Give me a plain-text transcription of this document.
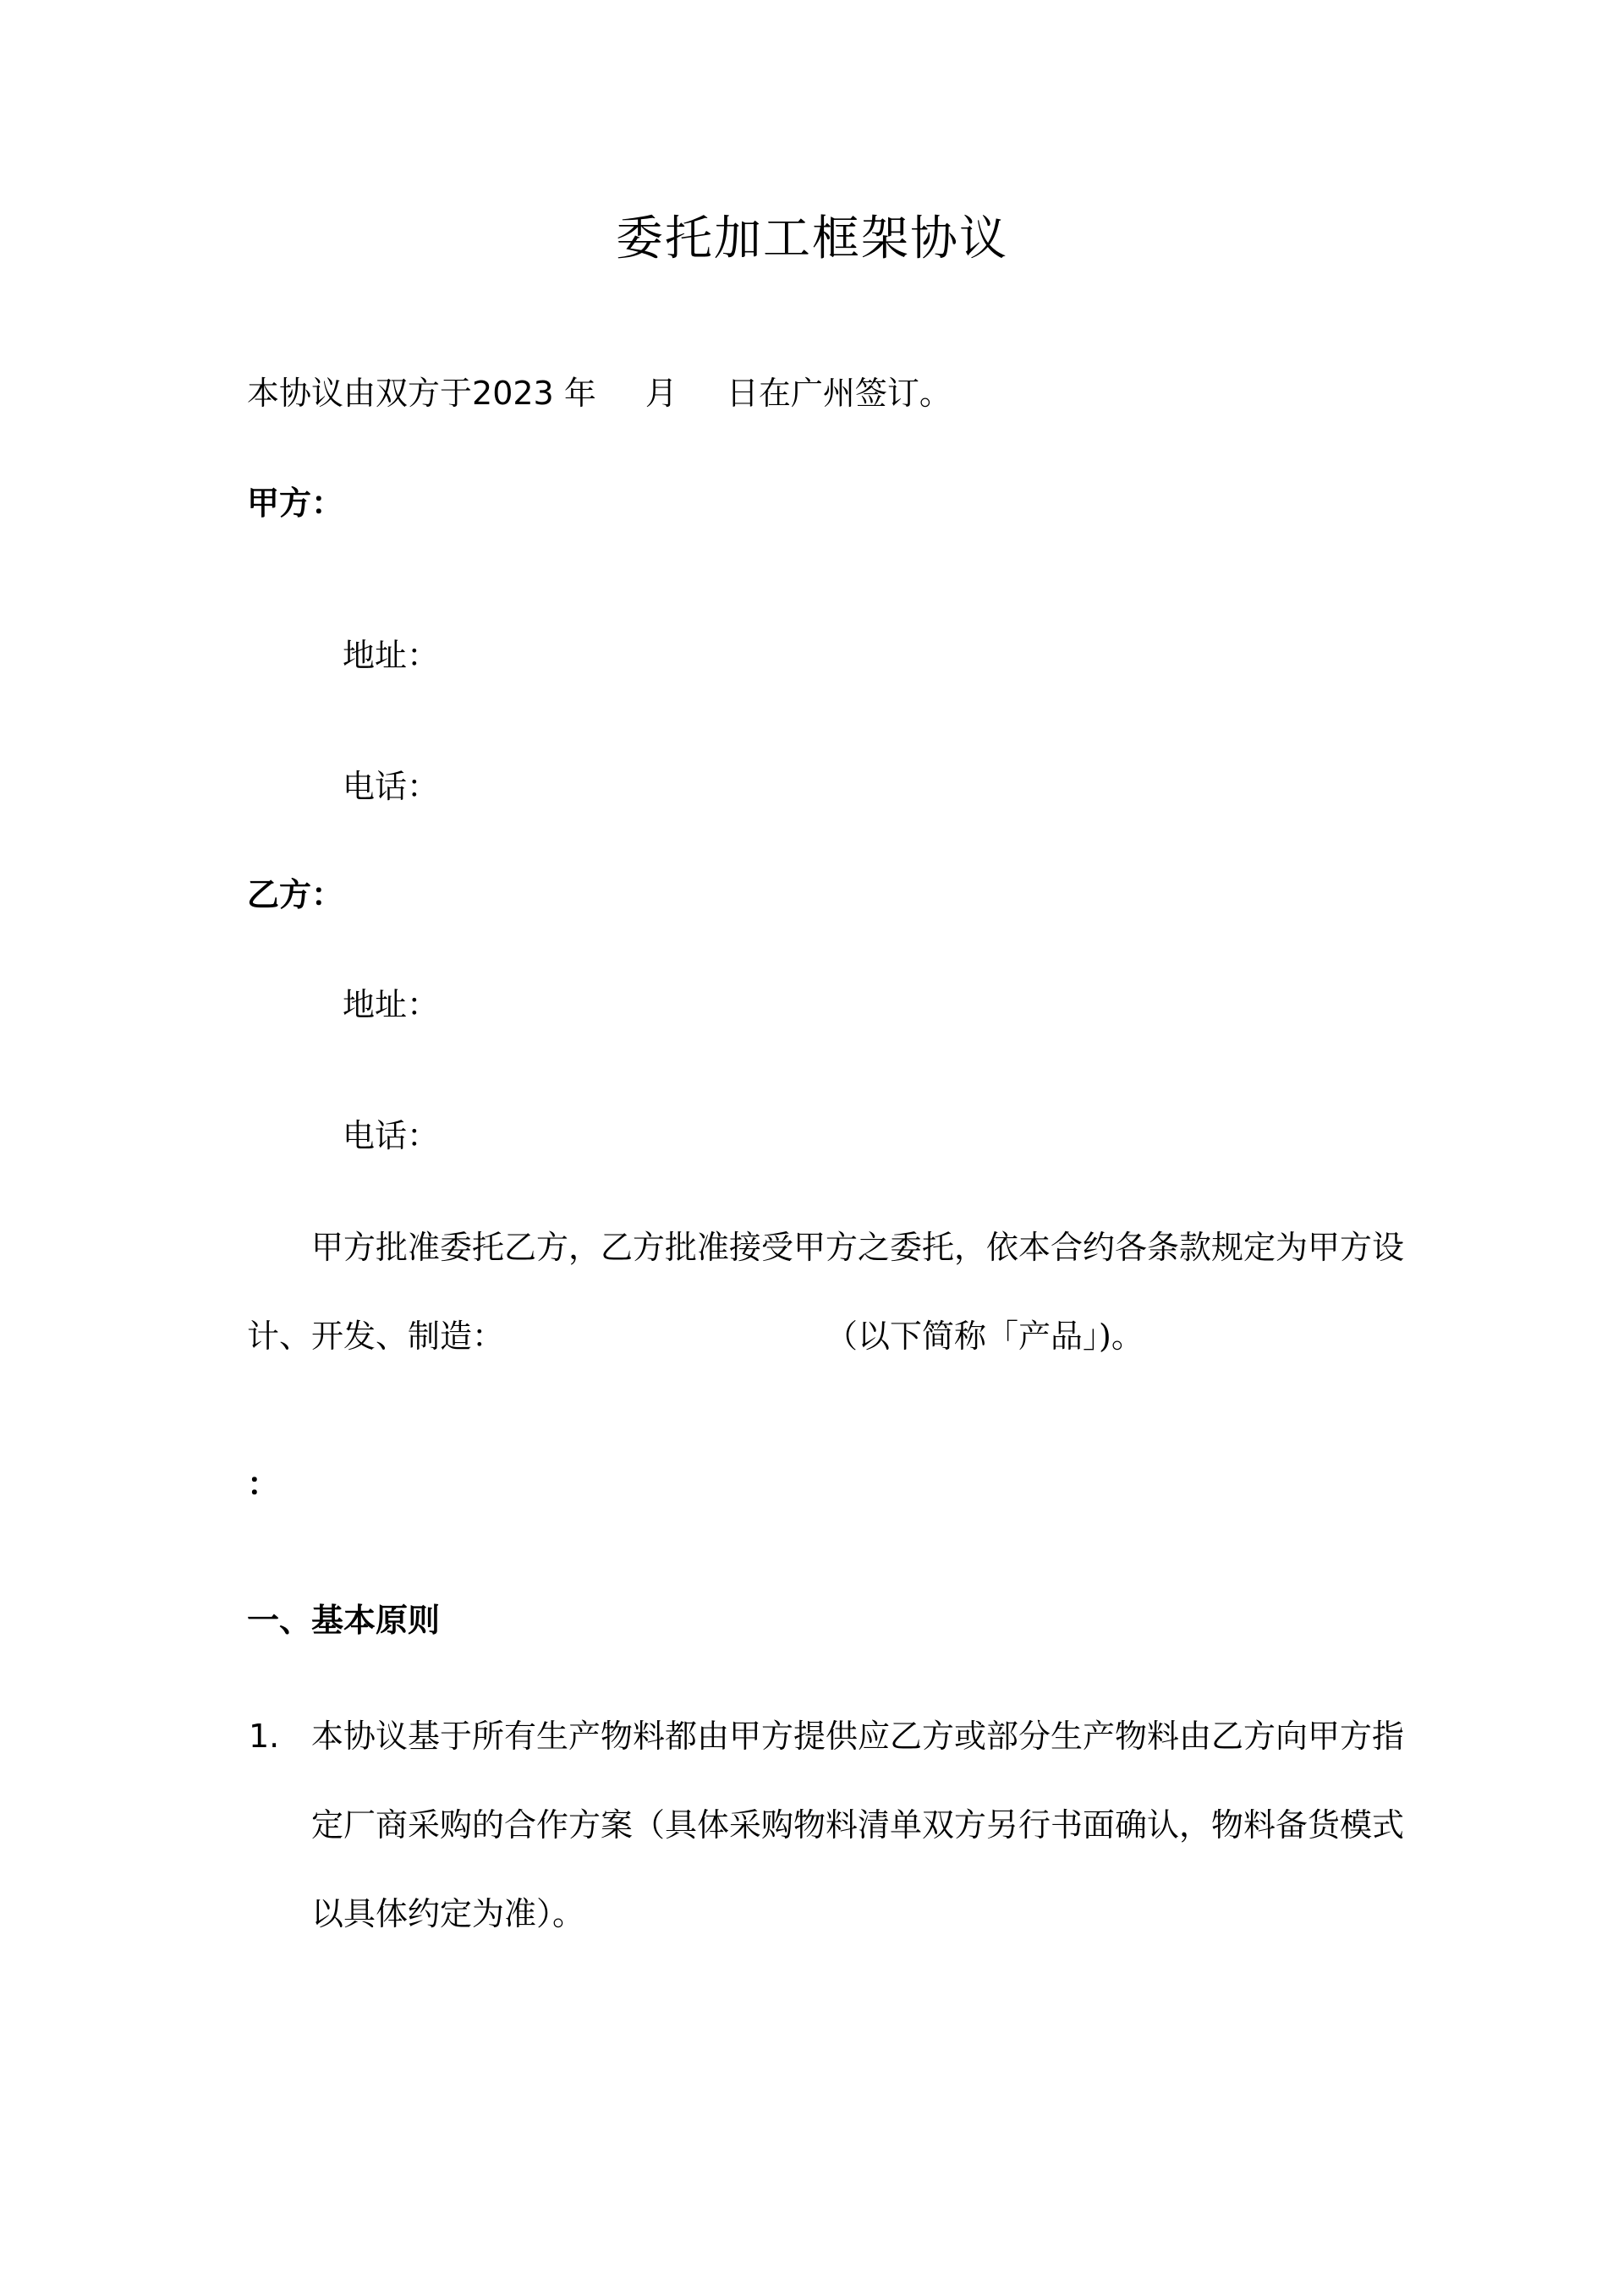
委托加工框架协议
本协议由双方于2023 年 月 日在广州签订。
甲方：
地址：
电话：
乙方：
地址：
电话：
甲方批准委托乙方，乙方批准接受甲方之委托，依本合约各条款规定为甲方设
计、开发、制造：	（以下简称「产品」)。
：
一、基本原则
1. 本协议基于所有生产物料都由甲方提供应乙方或部分生产物料由乙方向甲方指
定厂商采购的合作方案（具体采购物料清单双方另行书面确认，物料备货模式
以具体约定为准）。
